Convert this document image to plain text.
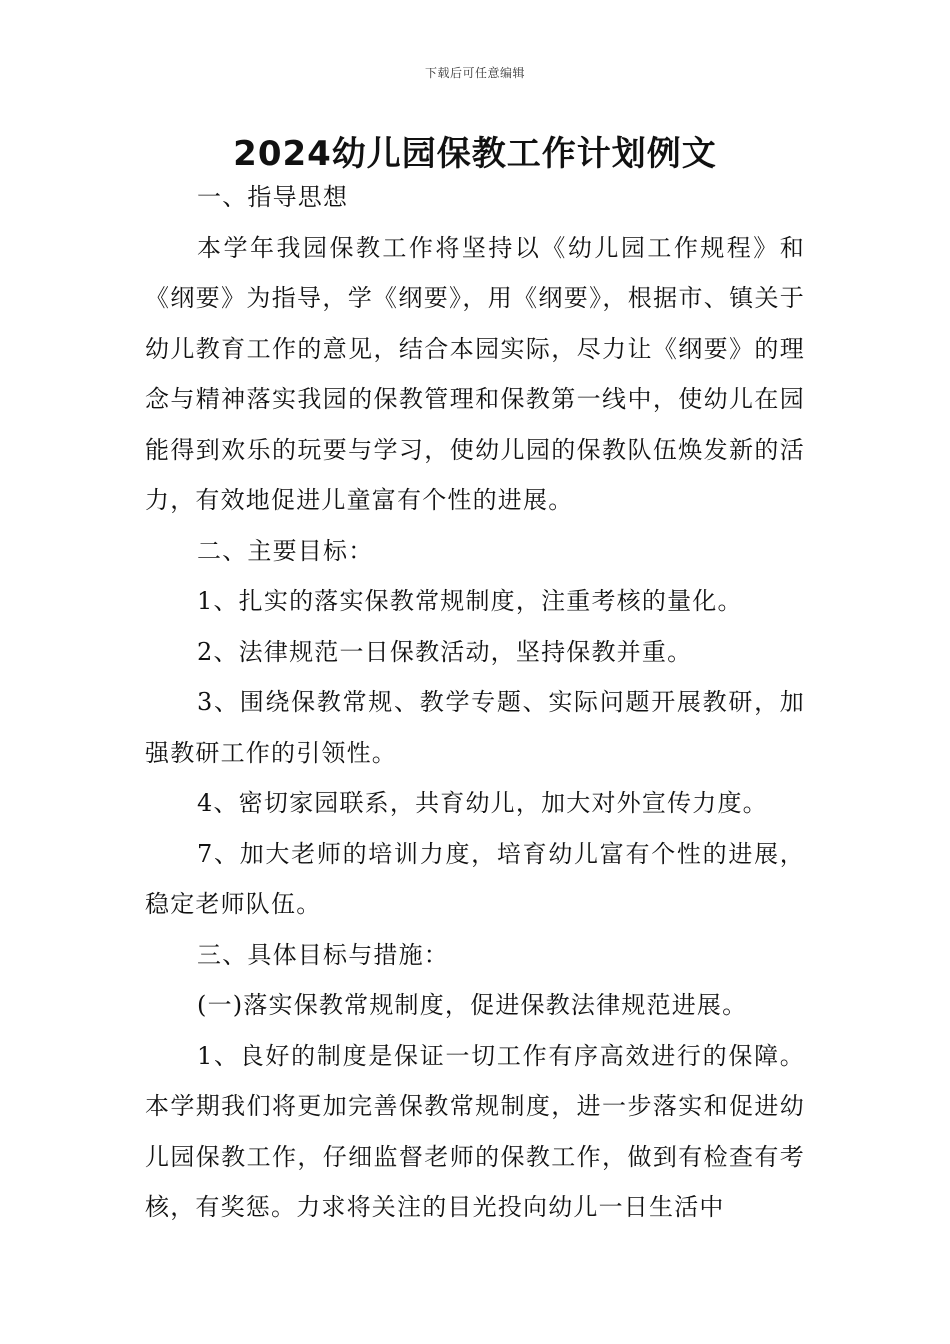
下载后可任意编辑
2024幼儿园保教工作计划例文

一、指导思想

本学年我园保教工作将坚持以《幼儿园工作规程》和《纲要》为指导，学《纲要》，用《纲要》，根据市、镇关于幼儿教育工作的意见，结合本园实际，尽力让《纲要》的理念与精神落实我园的保教管理和保教第一线中，使幼儿在园能得到欢乐的玩要与学习，使幼儿园的保教队伍焕发新的活力，有效地促进儿童富有个性的进展。

二、主要目标：

1、扎实的落实保教常规制度，注重考核的量化。

2、法律规范一日保教活动，坚持保教并重。

3、围绕保教常规、教学专题、实际问题开展教研，加强教研工作的引领性。

4、密切家园联系，共育幼儿，加大对外宣传力度。

7、加大老师的培训力度，培育幼儿富有个性的进展，稳定老师队伍。

三、具体目标与措施：

(一)落实保教常规制度，促进保教法律规范进展。

1、良好的制度是保证一切工作有序高效进行的保障。本学期我们将更加完善保教常规制度，进一步落实和促进幼儿园保教工作，仔细监督老师的保教工作，做到有检查有考核，有奖惩。力求将关注的目光投向幼儿一日生活中
